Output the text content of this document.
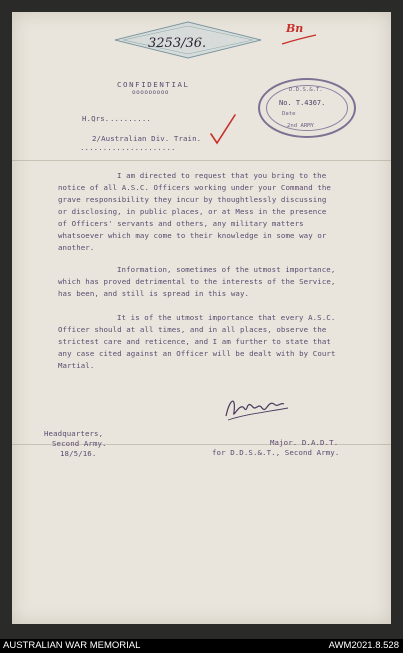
3253/36.
Bn
CONFIDENTIAL
ooooooooo	D.D.S.&.T.
No. T.4367.
Date
2nd ARMY
H.Qrs. .........
2/Australian Div. Train.
.....................
I am directed to request that you bring to the
notice of all A.S.C. Officers working under your Command the
grave responsibility they incur by thoughtlessly discussing
or disclosing, in public places, or at Mess in the presence
of Officers' servants and others, any military matters
whatsoever which may come to their knowledge in some way or
another.
Information, sometimes of the utmost importance,
which has proved detrimental to the interests of the Service,
has been, and still is spread in this way.
It is of the utmost importance that every A.S.C.
Officer should at all times, and in all places, observe the
strictest care and reticence, and I am further to state that
any case cited against an Officer will be dealt with by Court
Martial.
Headquarters,
Second Army.
18/5/16.
Major. D.A.D.T.
for D.D.S.&.T., Second Army.
AUSTRALIAN WAR MEMORIAL	AWM2021.8.528
